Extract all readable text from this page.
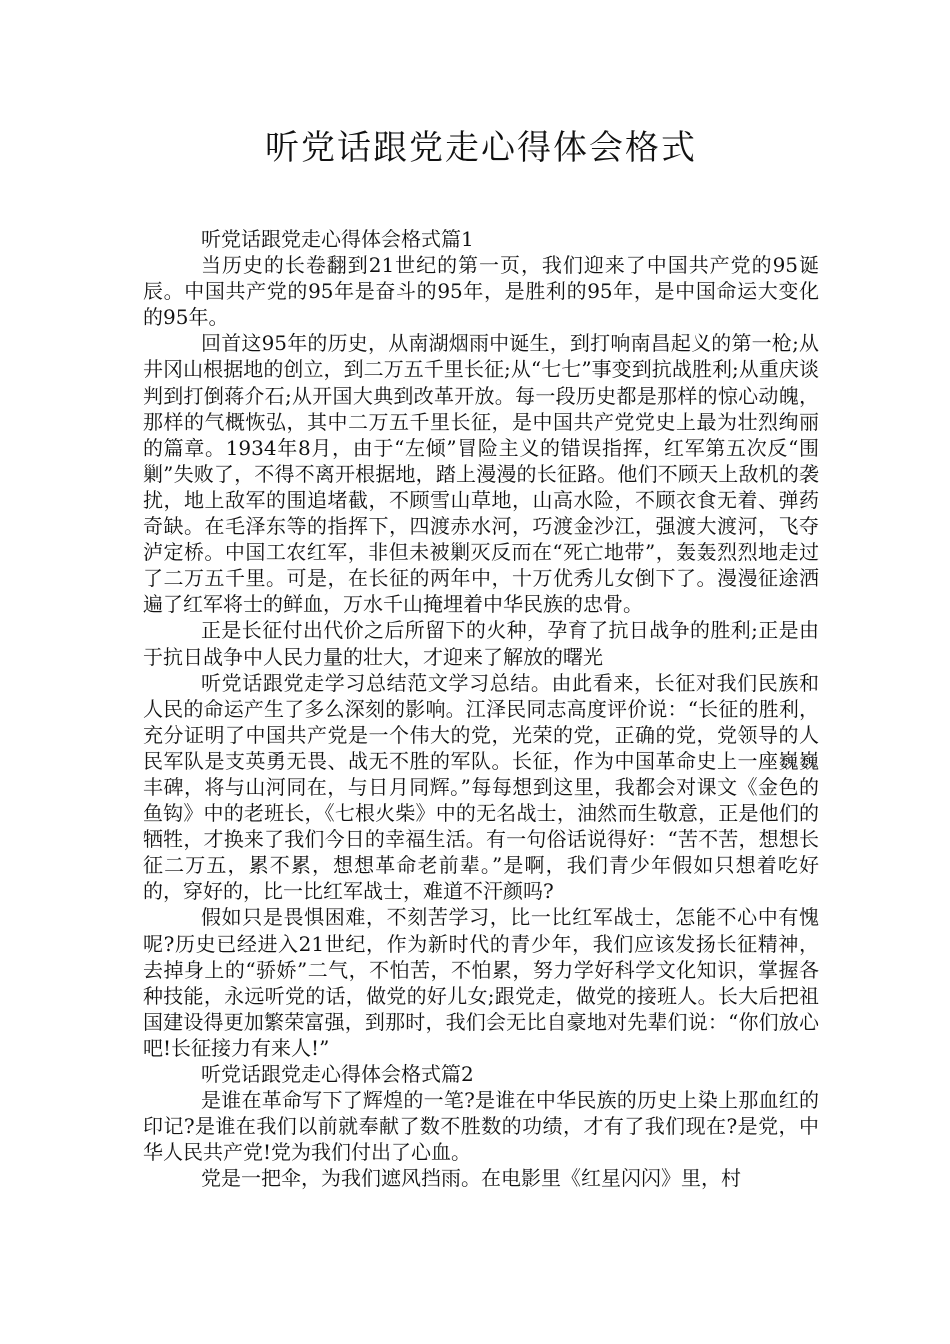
听党话跟党走心得体会格式

听党话跟党走心得体会格式篇1

当历史的长卷翻到21世纪的第一页，我们迎来了中国共产党的95诞辰。中国共产党的95年是奋斗的95年，是胜利的95年，是中国命运大变化的95年。

回首这95年的历史，从南湖烟雨中诞生，到打响南昌起义的第一枪;从井冈山根据地的创立，到二万五千里长征;从“七七”事变到抗战胜利;从重庆谈判到打倒蒋介石;从开国大典到改革开放。每一段历史都是那样的惊心动魄，那样的气概恢弘，其中二万五千里长征，是中国共产党党史上最为壮烈绚丽的篇章。1934年8月，由于“左倾”冒险主义的错误指挥，红军第五次反“围剿”失败了，不得不离开根据地，踏上漫漫的长征路。他们不顾天上敌机的袭扰，地上敌军的围追堵截，不顾雪山草地，山高水险，不顾衣食无着、弹药奇缺。在毛泽东等的指挥下，四渡赤水河，巧渡金沙江，强渡大渡河，飞夺泸定桥。中国工农红军，非但未被剿灭反而在“死亡地带”，轰轰烈烈地走过了二万五千里。可是，在长征的两年中，十万优秀儿女倒下了。漫漫征途洒遍了红军将士的鲜血，万水千山掩埋着中华民族的忠骨。

正是长征付出代价之后所留下的火种，孕育了抗日战争的胜利;正是由于抗日战争中人民力量的壮大，才迎来了解放的曙光

听党话跟党走学习总结范文学习总结。由此看来，长征对我们民族和人民的命运产生了多么深刻的影响。江泽民同志高度评价说：“长征的胜利，充分证明了中国共产党是一个伟大的党，光荣的党，正确的党，党领导的人民军队是支英勇无畏、战无不胜的军队。长征，作为中国革命史上一座巍巍丰碑，将与山河同在，与日月同辉。”每每想到这里，我都会对课文《金色的鱼钩》中的老班长，《七根火柴》中的无名战士，油然而生敬意，正是他们的牺牲，才换来了我们今日的幸福生活。有一句俗话说得好：“苦不苦，想想长征二万五，累不累，想想革命老前辈。”是啊，我们青少年假如只想着吃好的，穿好的，比一比红军战士，难道不汗颜吗?

假如只是畏惧困难，不刻苦学习，比一比红军战士，怎能不心中有愧呢?历史已经进入21世纪，作为新时代的青少年，我们应该发扬长征精神，去掉身上的“骄娇”二气，不怕苦，不怕累，努力学好科学文化知识，掌握各种技能，永远听党的话，做党的好儿女;跟党走，做党的接班人。长大后把祖国建设得更加繁荣富强，到那时，我们会无比自豪地对先辈们说：“你们放心吧!长征接力有来人!”

听党话跟党走心得体会格式篇2

是谁在革命写下了辉煌的一笔?是谁在中华民族的历史上染上那血红的印记?是谁在我们以前就奉献了数不胜数的功绩，才有了我们现在?是党，中华人民共产党!党为我们付出了心血。

党是一把伞，为我们遮风挡雨。在电影里《红星闪闪》里，村
